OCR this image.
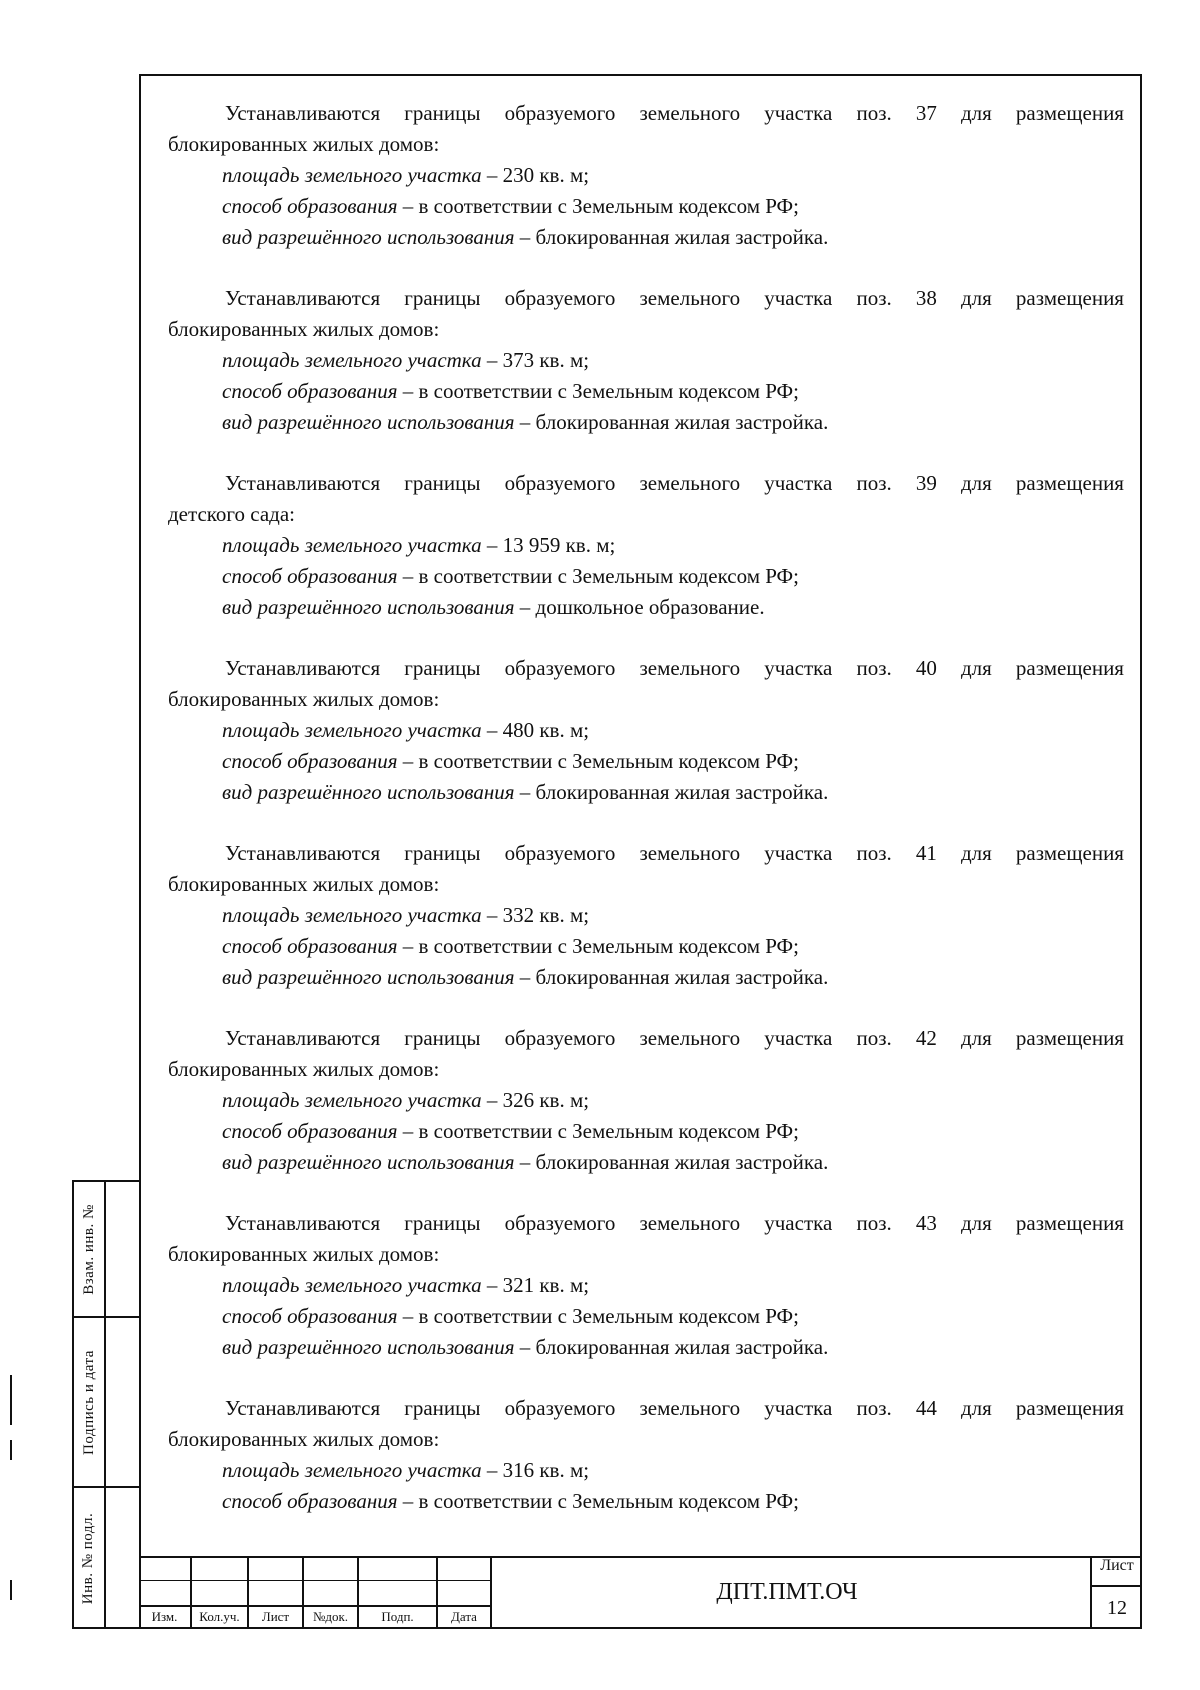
Устанавливаются границы образуемого земельного участка поз. 37 для размещения
блокированных жилых домов:
площадь земельного участка – 230 кв. м;
способ образования – в соответствии с Земельным кодексом РФ;
вид разрешённого использования – блокированная жилая застройка.
Устанавливаются границы образуемого земельного участка поз. 38 для размещения
блокированных жилых домов:
площадь земельного участка – 373 кв. м;
способ образования – в соответствии с Земельным кодексом РФ;
вид разрешённого использования – блокированная жилая застройка.
Устанавливаются границы образуемого земельного участка поз. 39 для размещения
детского сада:
площадь земельного участка – 13 959 кв. м;
способ образования – в соответствии с Земельным кодексом РФ;
вид разрешённого использования – дошкольное образование.
Устанавливаются границы образуемого земельного участка поз. 40 для размещения
блокированных жилых домов:
площадь земельного участка – 480 кв. м;
способ образования – в соответствии с Земельным кодексом РФ;
вид разрешённого использования – блокированная жилая застройка.
Устанавливаются границы образуемого земельного участка поз. 41 для размещения
блокированных жилых домов:
площадь земельного участка – 332 кв. м;
способ образования – в соответствии с Земельным кодексом РФ;
вид разрешённого использования – блокированная жилая застройка.
Устанавливаются границы образуемого земельного участка поз. 42 для размещения
блокированных жилых домов:
площадь земельного участка – 326 кв. м;
способ образования – в соответствии с Земельным кодексом РФ;
вид разрешённого использования – блокированная жилая застройка.
Устанавливаются границы образуемого земельного участка поз. 43 для размещения
блокированных жилых домов:
площадь земельного участка – 321 кв. м;
способ образования – в соответствии с Земельным кодексом РФ;
вид разрешённого использования – блокированная жилая застройка.
Устанавливаются границы образуемого земельного участка поз. 44 для размещения
блокированных жилых домов:
площадь земельного участка – 316 кв. м;
способ образования – в соответствии с Земельным кодексом РФ;
Взам. инв. №
Подпись и дата
Инв. № подл.
Изм.	Кол.уч.	Лист	№док.	Подп.	Дата
ДПТ.ПМТ.ОЧ
Лист
12
